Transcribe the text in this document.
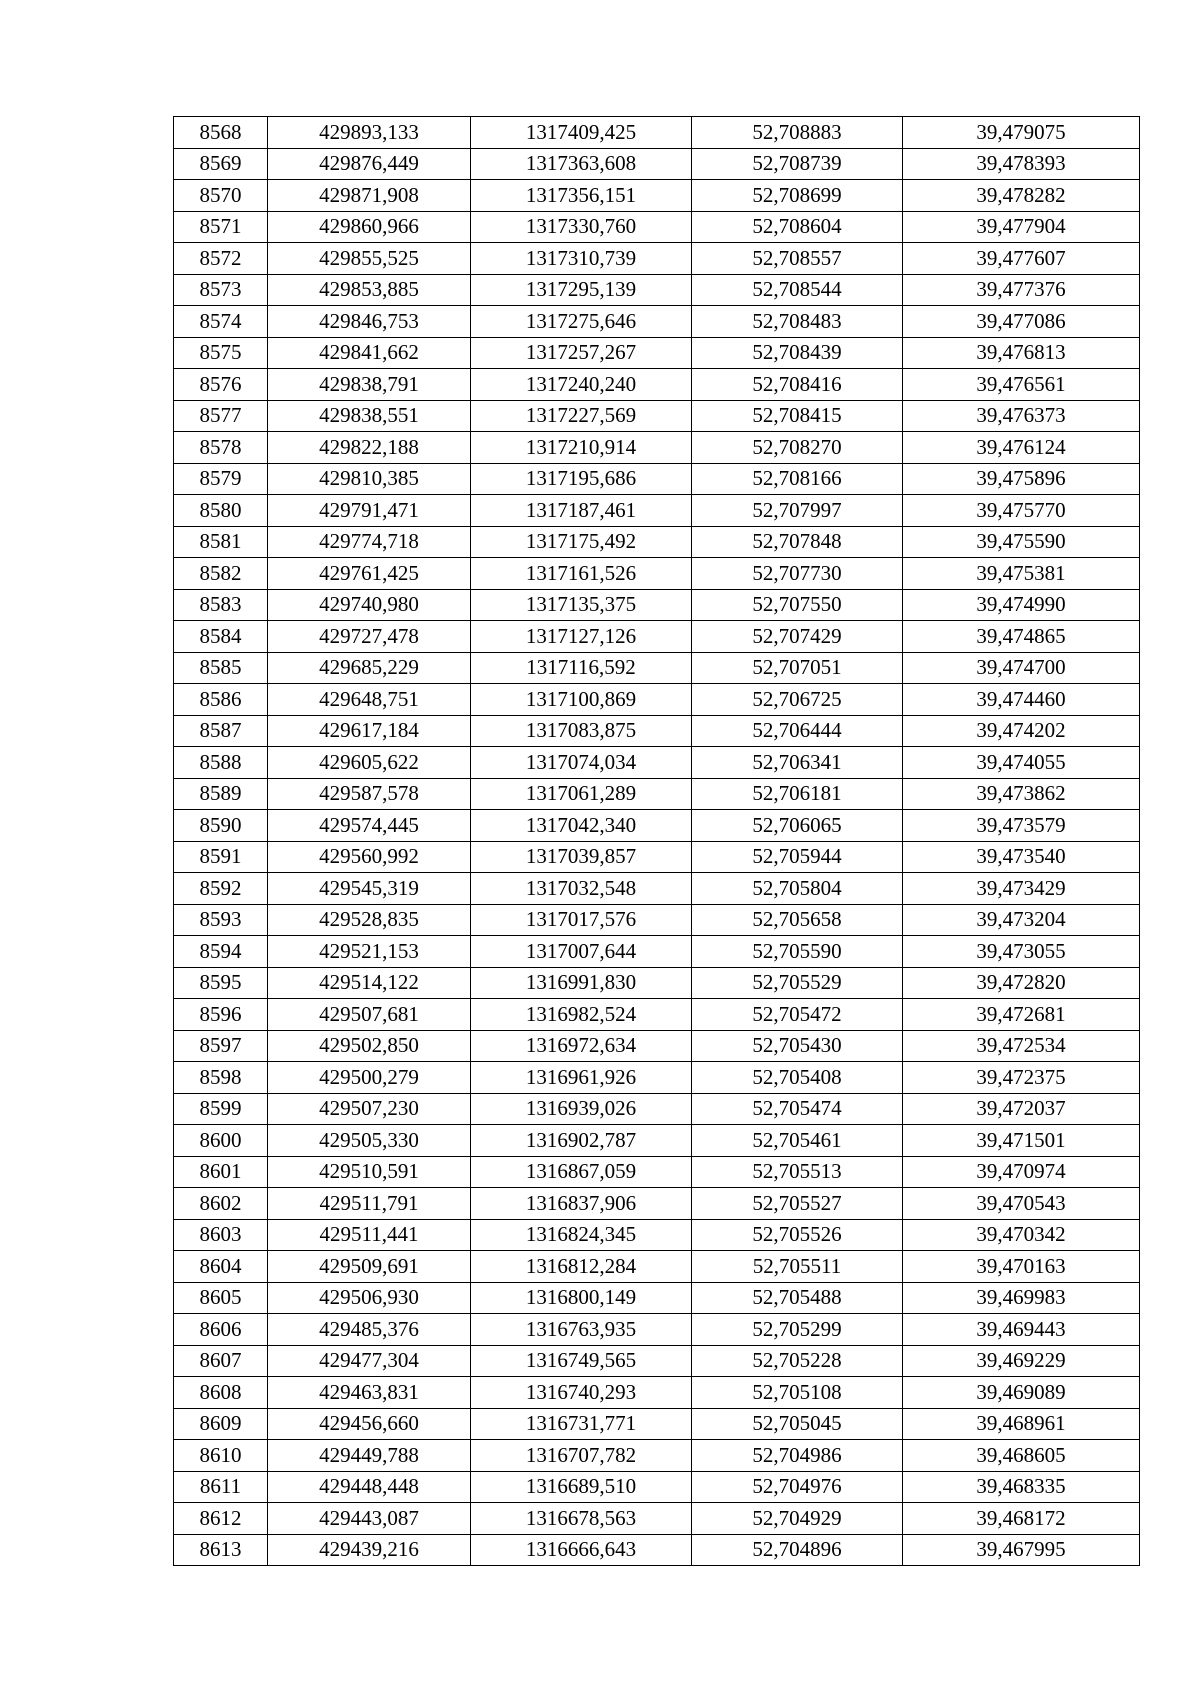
8568	429893,133	1317409,425	52,708883	39,479075
8569	429876,449	1317363,608	52,708739	39,478393
8570	429871,908	1317356,151	52,708699	39,478282
8571	429860,966	1317330,760	52,708604	39,477904
8572	429855,525	1317310,739	52,708557	39,477607
8573	429853,885	1317295,139	52,708544	39,477376
8574	429846,753	1317275,646	52,708483	39,477086
8575	429841,662	1317257,267	52,708439	39,476813
8576	429838,791	1317240,240	52,708416	39,476561
8577	429838,551	1317227,569	52,708415	39,476373
8578	429822,188	1317210,914	52,708270	39,476124
8579	429810,385	1317195,686	52,708166	39,475896
8580	429791,471	1317187,461	52,707997	39,475770
8581	429774,718	1317175,492	52,707848	39,475590
8582	429761,425	1317161,526	52,707730	39,475381
8583	429740,980	1317135,375	52,707550	39,474990
8584	429727,478	1317127,126	52,707429	39,474865
8585	429685,229	1317116,592	52,707051	39,474700
8586	429648,751	1317100,869	52,706725	39,474460
8587	429617,184	1317083,875	52,706444	39,474202
8588	429605,622	1317074,034	52,706341	39,474055
8589	429587,578	1317061,289	52,706181	39,473862
8590	429574,445	1317042,340	52,706065	39,473579
8591	429560,992	1317039,857	52,705944	39,473540
8592	429545,319	1317032,548	52,705804	39,473429
8593	429528,835	1317017,576	52,705658	39,473204
8594	429521,153	1317007,644	52,705590	39,473055
8595	429514,122	1316991,830	52,705529	39,472820
8596	429507,681	1316982,524	52,705472	39,472681
8597	429502,850	1316972,634	52,705430	39,472534
8598	429500,279	1316961,926	52,705408	39,472375
8599	429507,230	1316939,026	52,705474	39,472037
8600	429505,330	1316902,787	52,705461	39,471501
8601	429510,591	1316867,059	52,705513	39,470974
8602	429511,791	1316837,906	52,705527	39,470543
8603	429511,441	1316824,345	52,705526	39,470342
8604	429509,691	1316812,284	52,705511	39,470163
8605	429506,930	1316800,149	52,705488	39,469983
8606	429485,376	1316763,935	52,705299	39,469443
8607	429477,304	1316749,565	52,705228	39,469229
8608	429463,831	1316740,293	52,705108	39,469089
8609	429456,660	1316731,771	52,705045	39,468961
8610	429449,788	1316707,782	52,704986	39,468605
8611	429448,448	1316689,510	52,704976	39,468335
8612	429443,087	1316678,563	52,704929	39,468172
8613	429439,216	1316666,643	52,704896	39,467995
